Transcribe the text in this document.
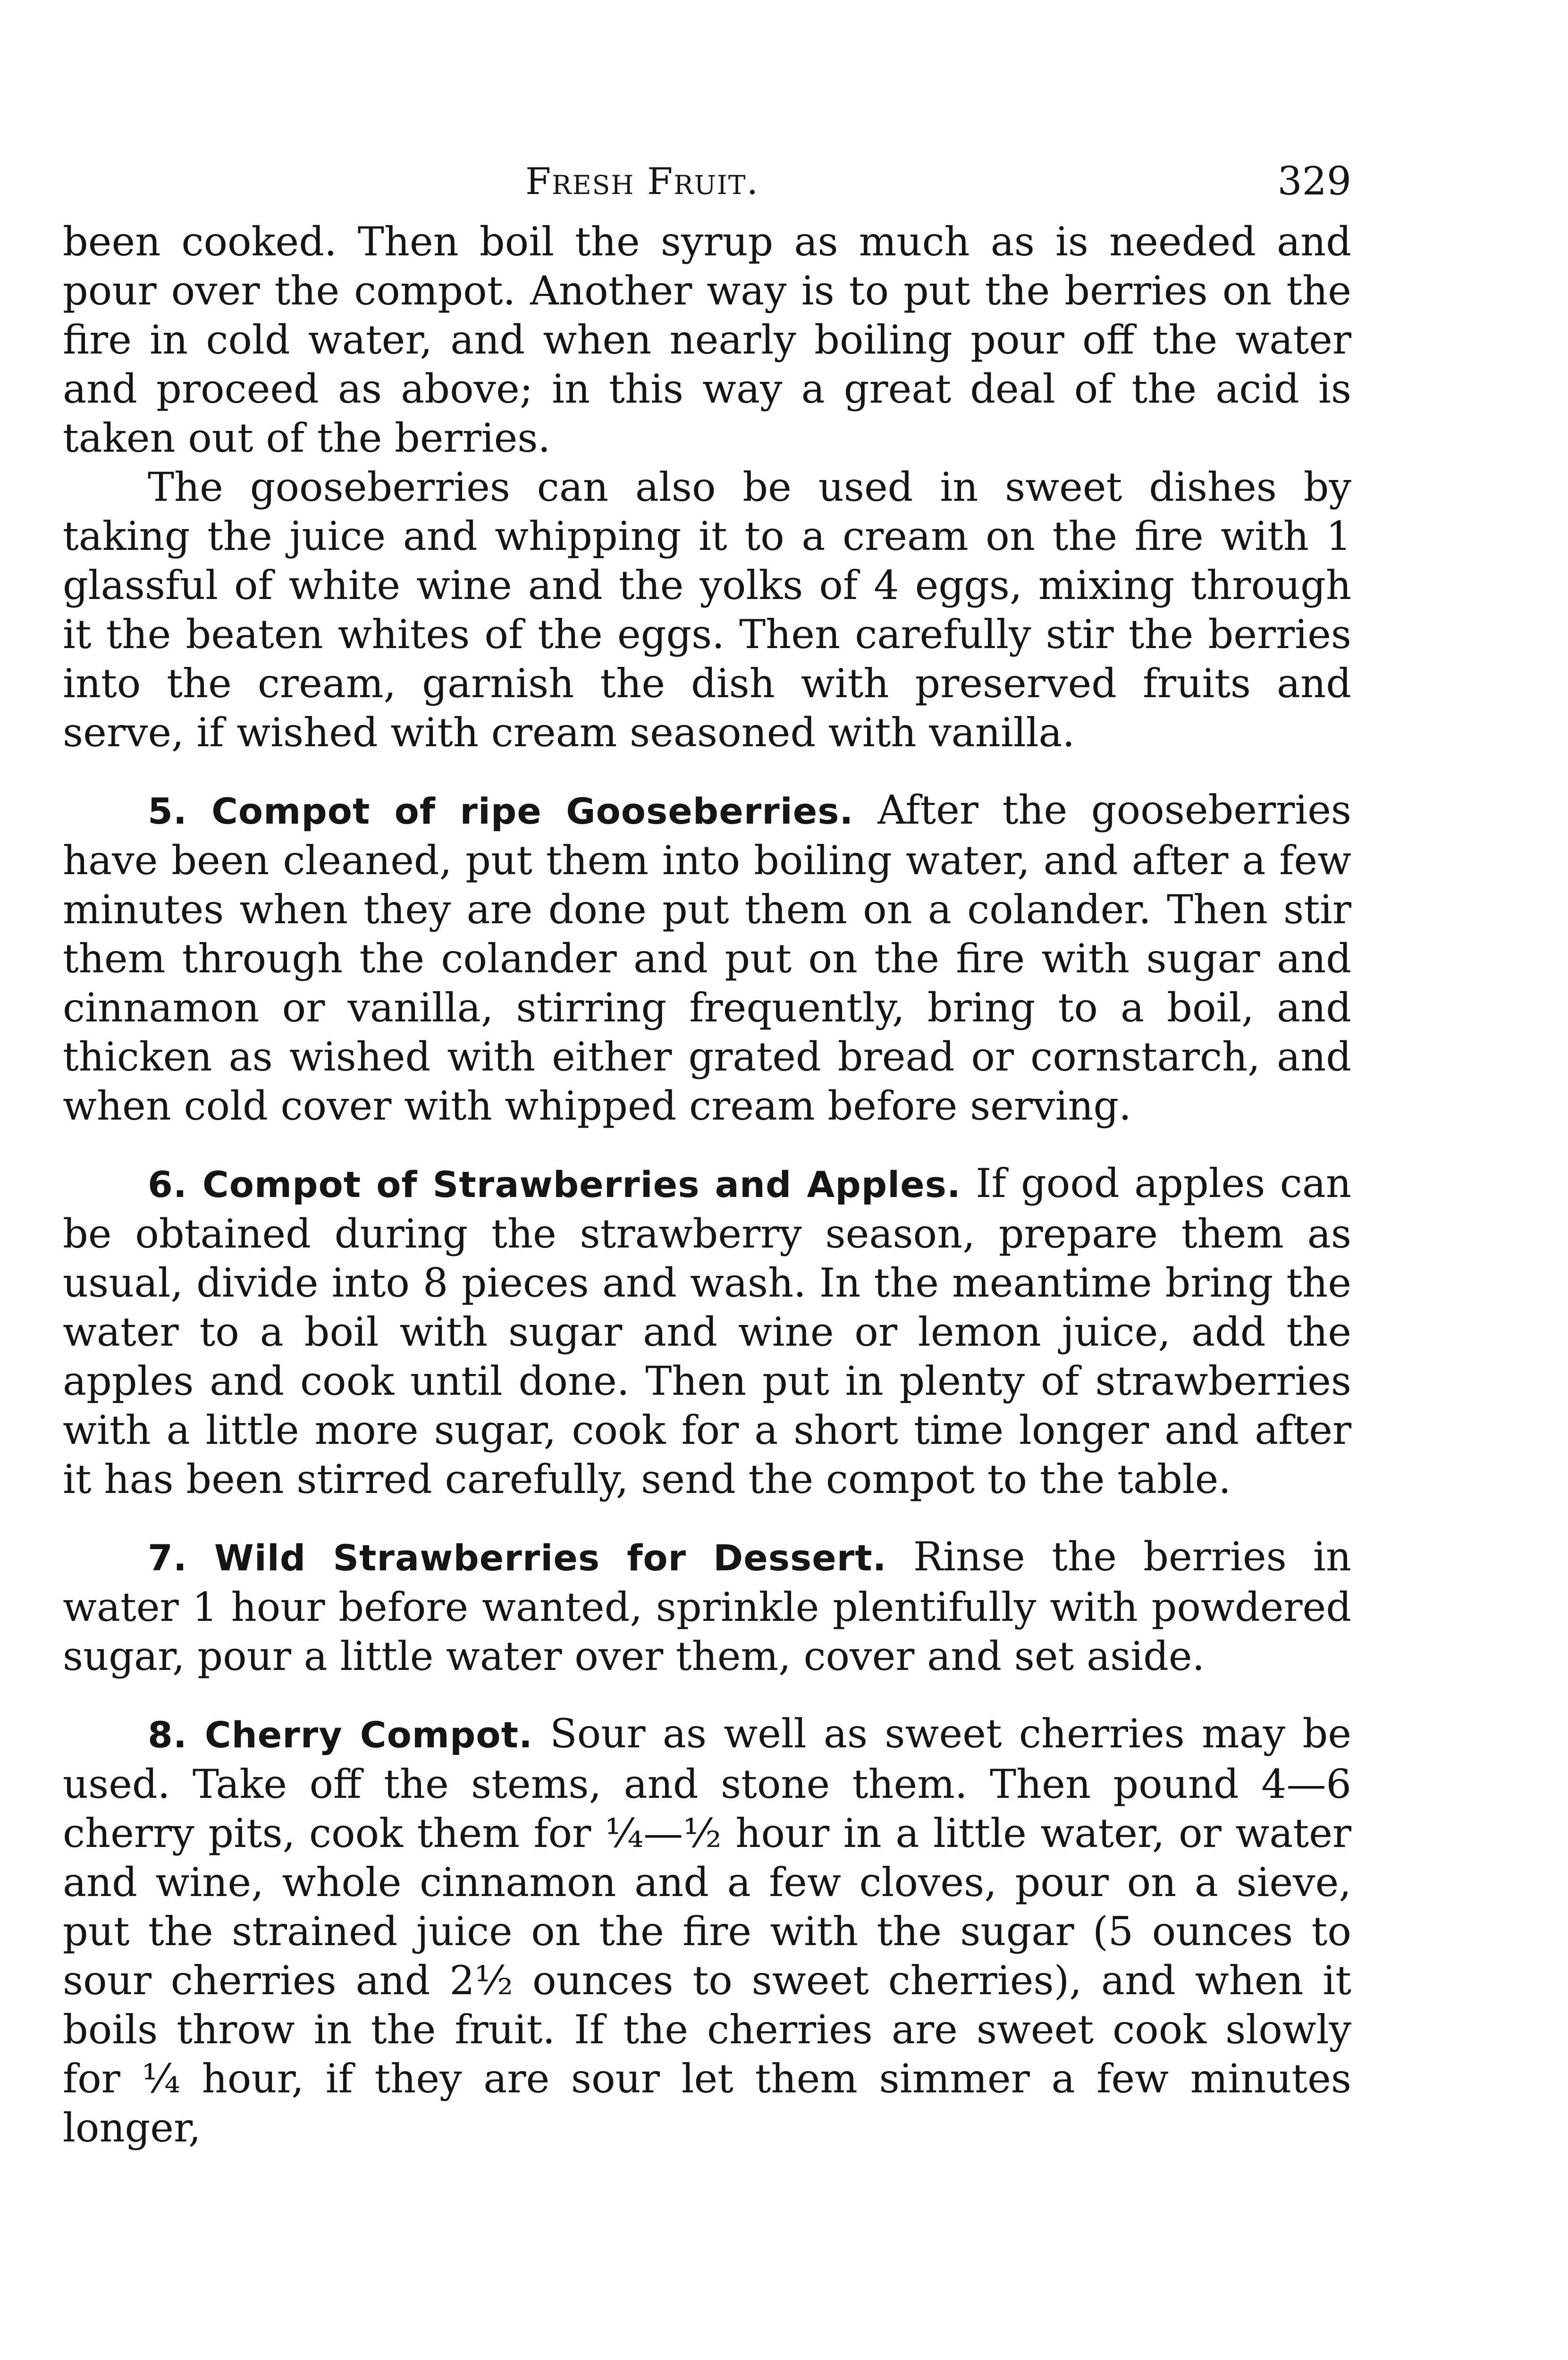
Fresh Fruit.	329

been cooked. Then boil the syrup as much as is needed and pour over the compot. Another way is to put the berries on the fire in cold water, and when nearly boiling pour off the water and proceed as above; in this way a great deal of the acid is taken out of the berries.

The gooseberries can also be used in sweet dishes by taking the juice and whipping it to a cream on the fire with 1 glassful of white wine and the yolks of 4 eggs, mixing through it the beaten whites of the eggs. Then carefully stir the berries into the cream, garnish the dish with preserved fruits and serve, if wished with cream seasoned with vanilla.

5. Compot of ripe Gooseberries. After the gooseberries have been cleaned, put them into boiling water, and after a few minutes when they are done put them on a colander. Then stir them through the colander and put on the fire with sugar and cinnamon or vanilla, stirring frequently, bring to a boil, and thicken as wished with either grated bread or cornstarch, and when cold cover with whipped cream before serving.

6. Compot of Strawberries and Apples. If good apples can be obtained during the strawberry season, prepare them as usual, divide into 8 pieces and wash. In the meantime bring the water to a boil with sugar and wine or lemon juice, add the apples and cook until done. Then put in plenty of strawberries with a little more sugar, cook for a short time longer and after it has been stirred carefully, send the compot to the table.

7. Wild Strawberries for Dessert. Rinse the berries in water 1 hour before wanted, sprinkle plentifully with powdered sugar, pour a little water over them, cover and set aside.

8. Cherry Compot. Sour as well as sweet cherries may be used. Take off the stems, and stone them. Then pound 4—6 cherry pits, cook them for ¼—½ hour in a little water, or water and wine, whole cinnamon and a few cloves, pour on a sieve, put the strained juice on the fire with the sugar (5 ounces to sour cherries and 2½ ounces to sweet cherries), and when it boils throw in the fruit. If the cherries are sweet cook slowly for ¼ hour, if they are sour let them simmer a few minutes longer,
